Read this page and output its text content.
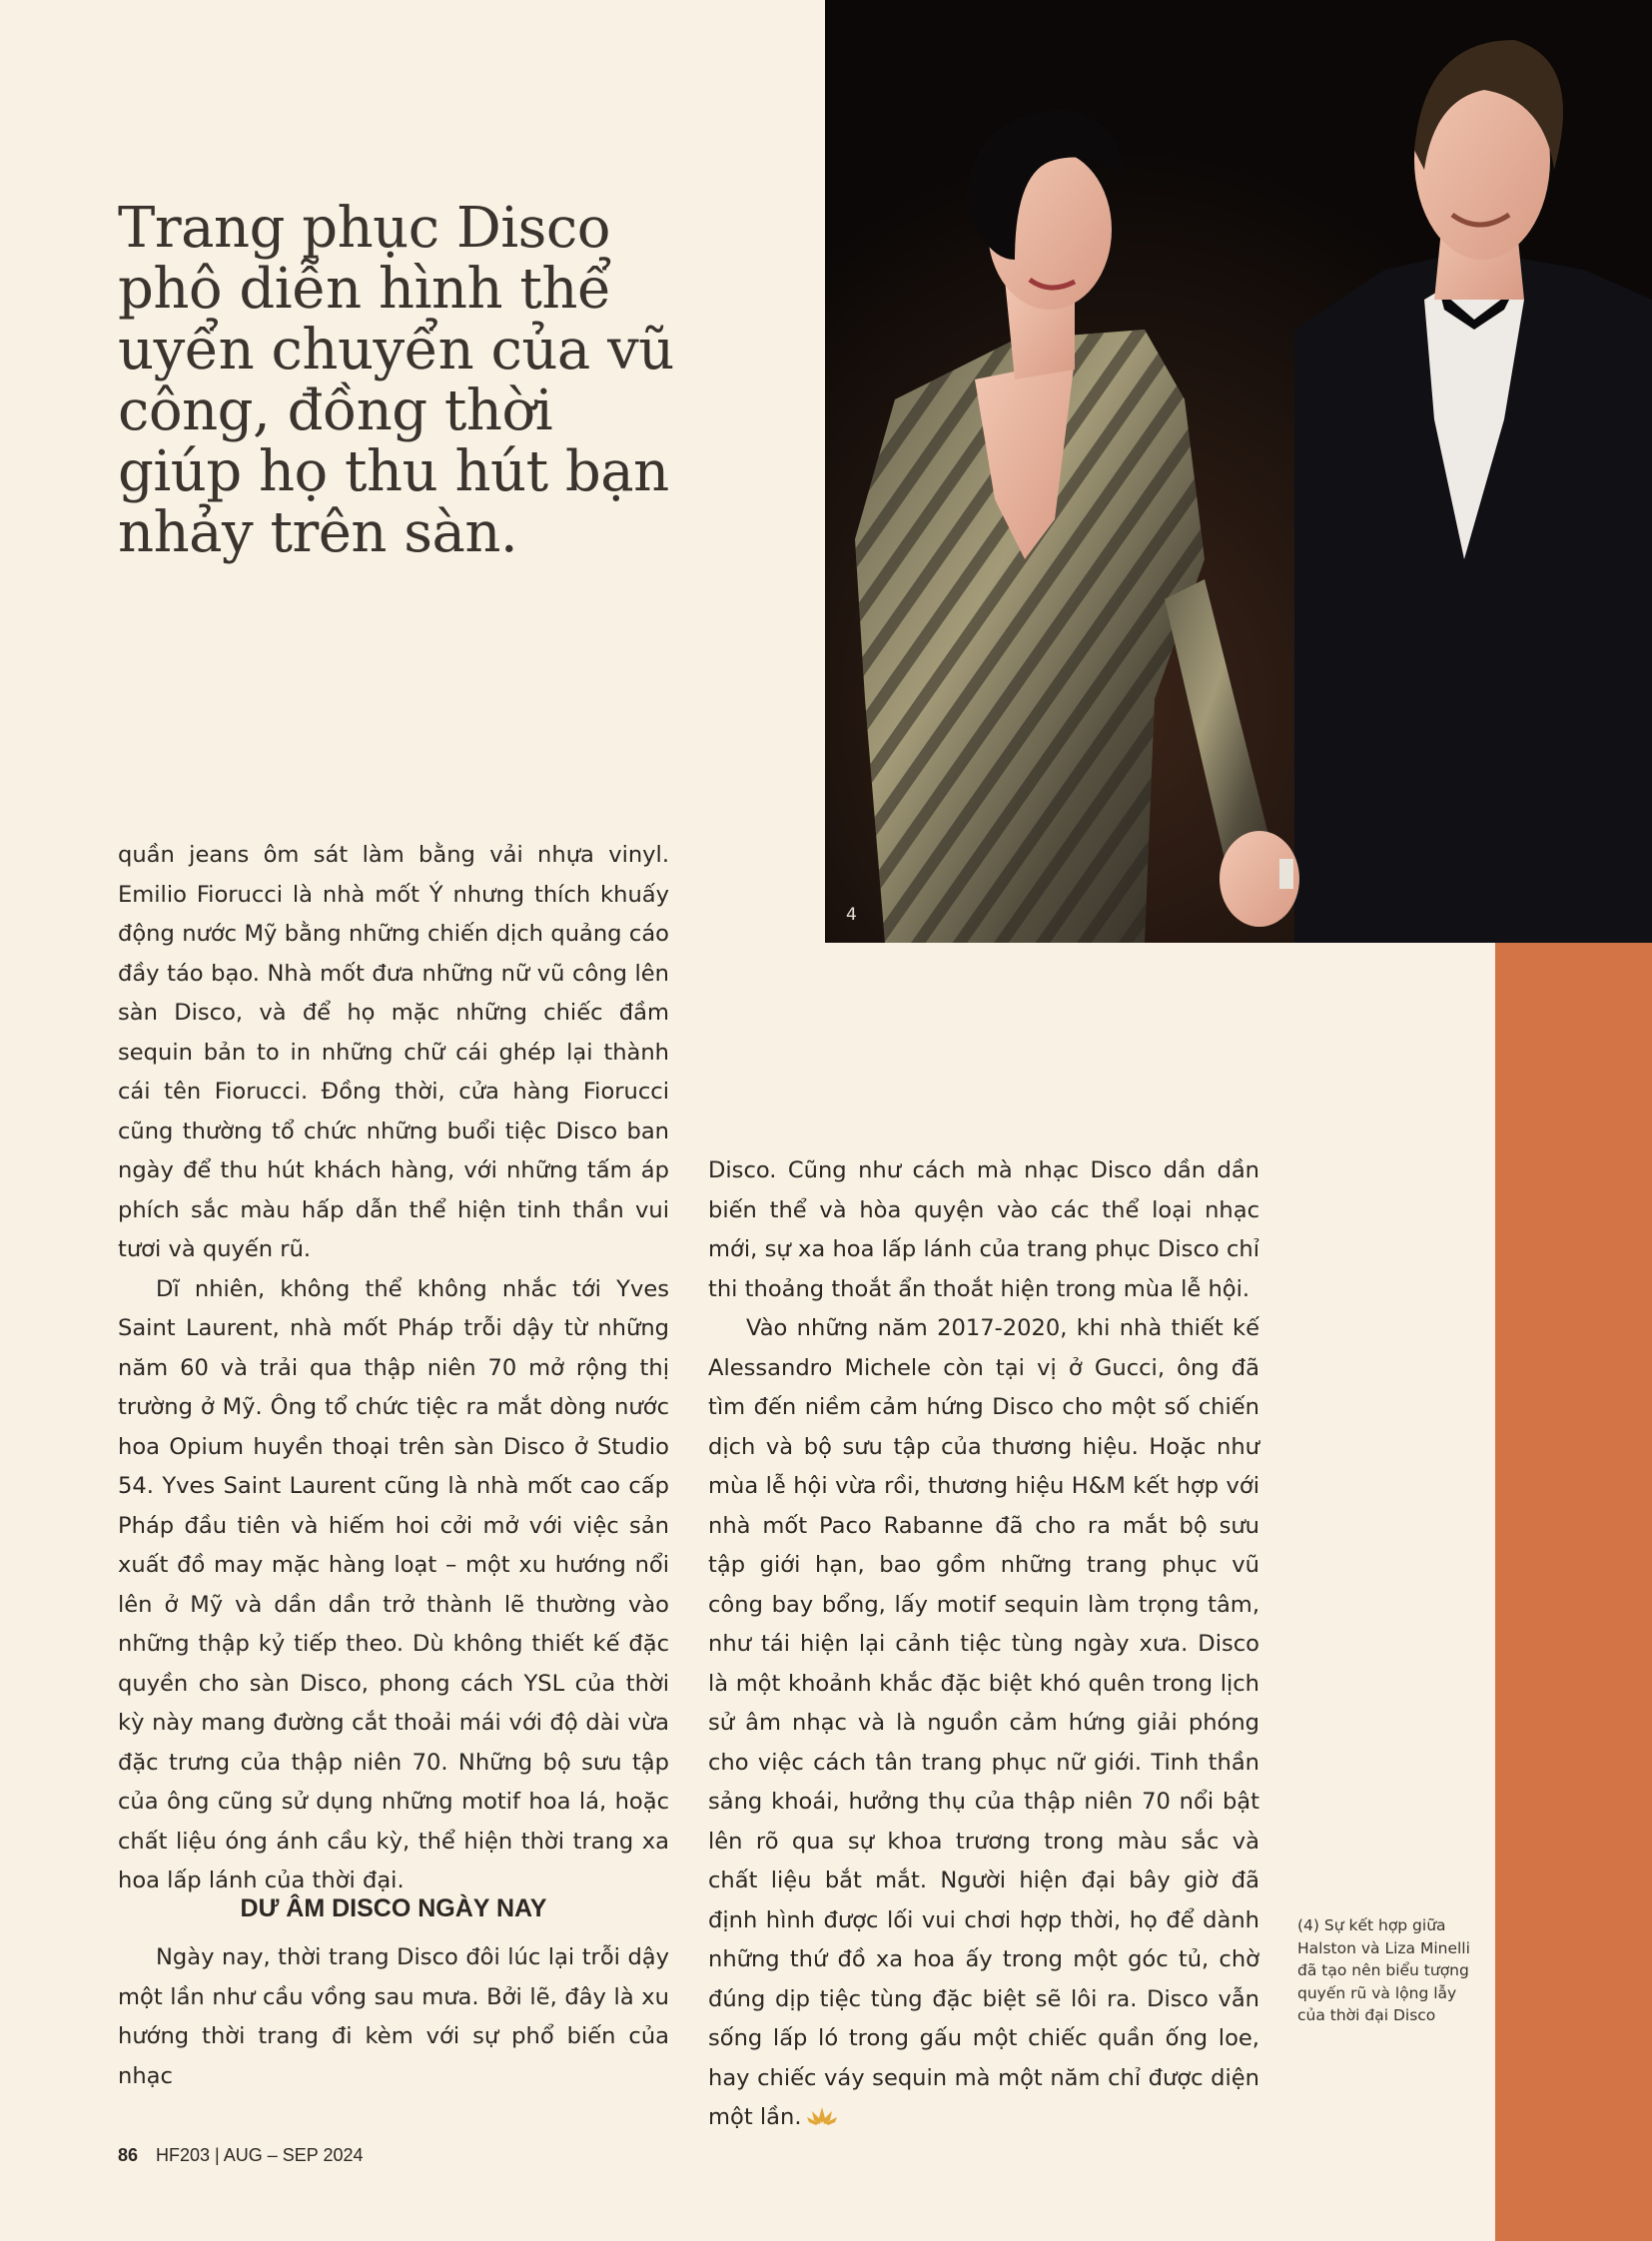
Trang phục Disco phô diễn hình thể uyển chuyển của vũ công, đồng thời giúp họ thu hút bạn nhảy trên sàn.
4

quần jeans ôm sát làm bằng vải nhựa vinyl. Emilio Fiorucci là nhà mốt Ý nhưng thích khuấy động nước Mỹ bằng những chiến dịch quảng cáo đầy táo bạo. Nhà mốt đưa những nữ vũ công lên sàn Disco, và để họ mặc những chiếc đầm sequin bản to in những chữ cái ghép lại thành cái tên Fiorucci. Đồng thời, cửa hàng Fiorucci cũng thường tổ chức những buổi tiệc Disco ban ngày để thu hút khách hàng, với những tấm áp phích sắc màu hấp dẫn thể hiện tinh thần vui tươi và quyến rũ.

Dĩ nhiên, không thể không nhắc tới Yves Saint Laurent, nhà mốt Pháp trỗi dậy từ những năm 60 và trải qua thập niên 70 mở rộng thị trường ở Mỹ. Ông tổ chức tiệc ra mắt dòng nước hoa Opium huyền thoại trên sàn Disco ở Studio 54. Yves Saint Laurent cũng là nhà mốt cao cấp Pháp đầu tiên và hiếm hoi cởi mở với việc sản xuất đồ may mặc hàng loạt – một xu hướng nổi lên ở Mỹ và dần dần trở thành lẽ thường vào những thập kỷ tiếp theo. Dù không thiết kế đặc quyền cho sàn Disco, phong cách YSL của thời kỳ này mang đường cắt thoải mái với độ dài vừa đặc trưng của thập niên 70. Những bộ sưu tập của ông cũng sử dụng những motif hoa lá, hoặc chất liệu óng ánh cầu kỳ, thể hiện thời trang xa hoa lấp lánh của thời đại.

DƯ ÂM DISCO NGÀY NAY

Ngày nay, thời trang Disco đôi lúc lại trỗi dậy một lần như cầu vồng sau mưa. Bởi lẽ, đây là xu hướng thời trang đi kèm với sự phổ biến của nhạc

Disco. Cũng như cách mà nhạc Disco dần dần biến thể và hòa quyện vào các thể loại nhạc mới, sự xa hoa lấp lánh của trang phục Disco chỉ thi thoảng thoắt ẩn thoắt hiện trong mùa lễ hội.

Vào những năm 2017-2020, khi nhà thiết kế Alessandro Michele còn tại vị ở Gucci, ông đã tìm đến niềm cảm hứng Disco cho một số chiến dịch và bộ sưu tập của thương hiệu. Hoặc như mùa lễ hội vừa rồi, thương hiệu H&M kết hợp với nhà mốt Paco Rabanne đã cho ra mắt bộ sưu tập giới hạn, bao gồm những trang phục vũ công bay bổng, lấy motif sequin làm trọng tâm, như tái hiện lại cảnh tiệc tùng ngày xưa. Disco là một khoảnh khắc đặc biệt khó quên trong lịch sử âm nhạc và là nguồn cảm hứng giải phóng cho việc cách tân trang phục nữ giới. Tinh thần sảng khoái, hưởng thụ của thập niên 70 nổi bật lên rõ qua sự khoa trương trong màu sắc và chất liệu bắt mắt. Người hiện đại bây giờ đã định hình được lối vui chơi hợp thời, họ để dành những thứ đồ xa hoa ấy trong một góc tủ, chờ đúng dịp tiệc tùng đặc biệt sẽ lôi ra. Disco vẫn sống lấp ló trong gấu một chiếc quần ống loe, hay chiếc váy sequin mà một năm chỉ được diện một lần.

(4) Sự kết hợp giữa Halston và Liza Minelli đã tạo nên biểu tượng quyến rũ và lộng lẫy của thời đại Disco

86 HF203 | AUG – SEP 2024
